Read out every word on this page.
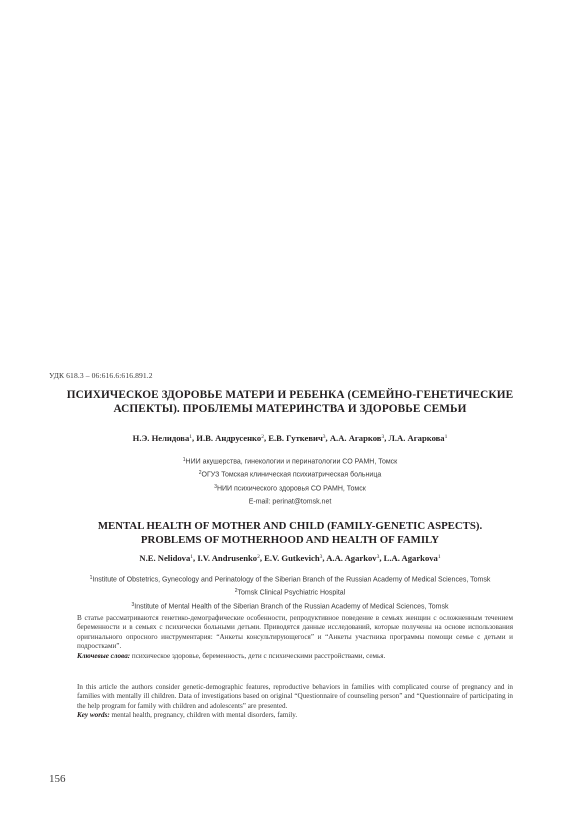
УДК 618.3 – 06:616.6:616.891.2
ПСИХИЧЕСКОЕ ЗДОРОВЬЕ МАТЕРИ И РЕБЕНКА (СЕМЕЙНО-ГЕНЕТИЧЕСКИЕ
АСПЕКТЫ). ПРОБЛЕМЫ МАТЕРИНСТВА И ЗДОРОВЬЕ СЕМЬИ
Н.Э. Нелидова$^1$, И.В. Андрусенко$^2$, Е.В. Гуткевич$^3$, А.А. Агарков$^3$, Л.А. Агаркова$^1$
$^1$НИИ акушерства, гинекологии и перинатологии СО РАМН, Томск
$^2$ОГУЗ Томская клиническая психиатрическая больница
$^3$НИИ психического здоровья СО РАМН, Томск
E-mail: perinat@tomsk.net
MENTAL HEALTH OF MOTHER AND CHILD (FAMILY-GENETIC ASPECTS).
PROBLEMS OF MOTHERHOOD AND HEALTH OF FAMILY
N.E. Nelidova$^1$, I.V. Andrusenko$^2$, E.V. Gutkevich$^3$, A.A. Agarkov$^3$, L.A. Agarkova$^1$
$^1$Institute of Obstetrics, Gynecology and Perinatology of the Siberian Branch of the Russian Academy of Medical Sciences, Tomsk
$^2$Tomsk Clinical Psychiatric Hospital
$^3$Institute of Mental Health of the Siberian Branch of the Russian Academy of Medical Sciences, Tomsk
В статье рассматриваются генетико-демографические особенности, репродуктивное поведение в семьях женщин с осложненным течением беременности и в семьях с психически больными детьми. Приводятся данные исследований, которые получены на основе использования оригинального опросного инструментария: “Анкеты консультирующегося” и “Анкеты участника программы помощи семье с детьми и подростками”.
Ключевые слова: психическое здоровье, беременность, дети с психическими расстройствами, семья.
In this article the authors consider genetic-demographic features, reproductive behaviors in families with complicated course of pregnancy and in families with mentally ill children. Data of investigations based on original “Questionnaire of counseling person” and “Questionnaire of participating in the help program for family with children and adolescents” are presented.
Key words: mental health, pregnancy, children with mental disorders, family.
156
